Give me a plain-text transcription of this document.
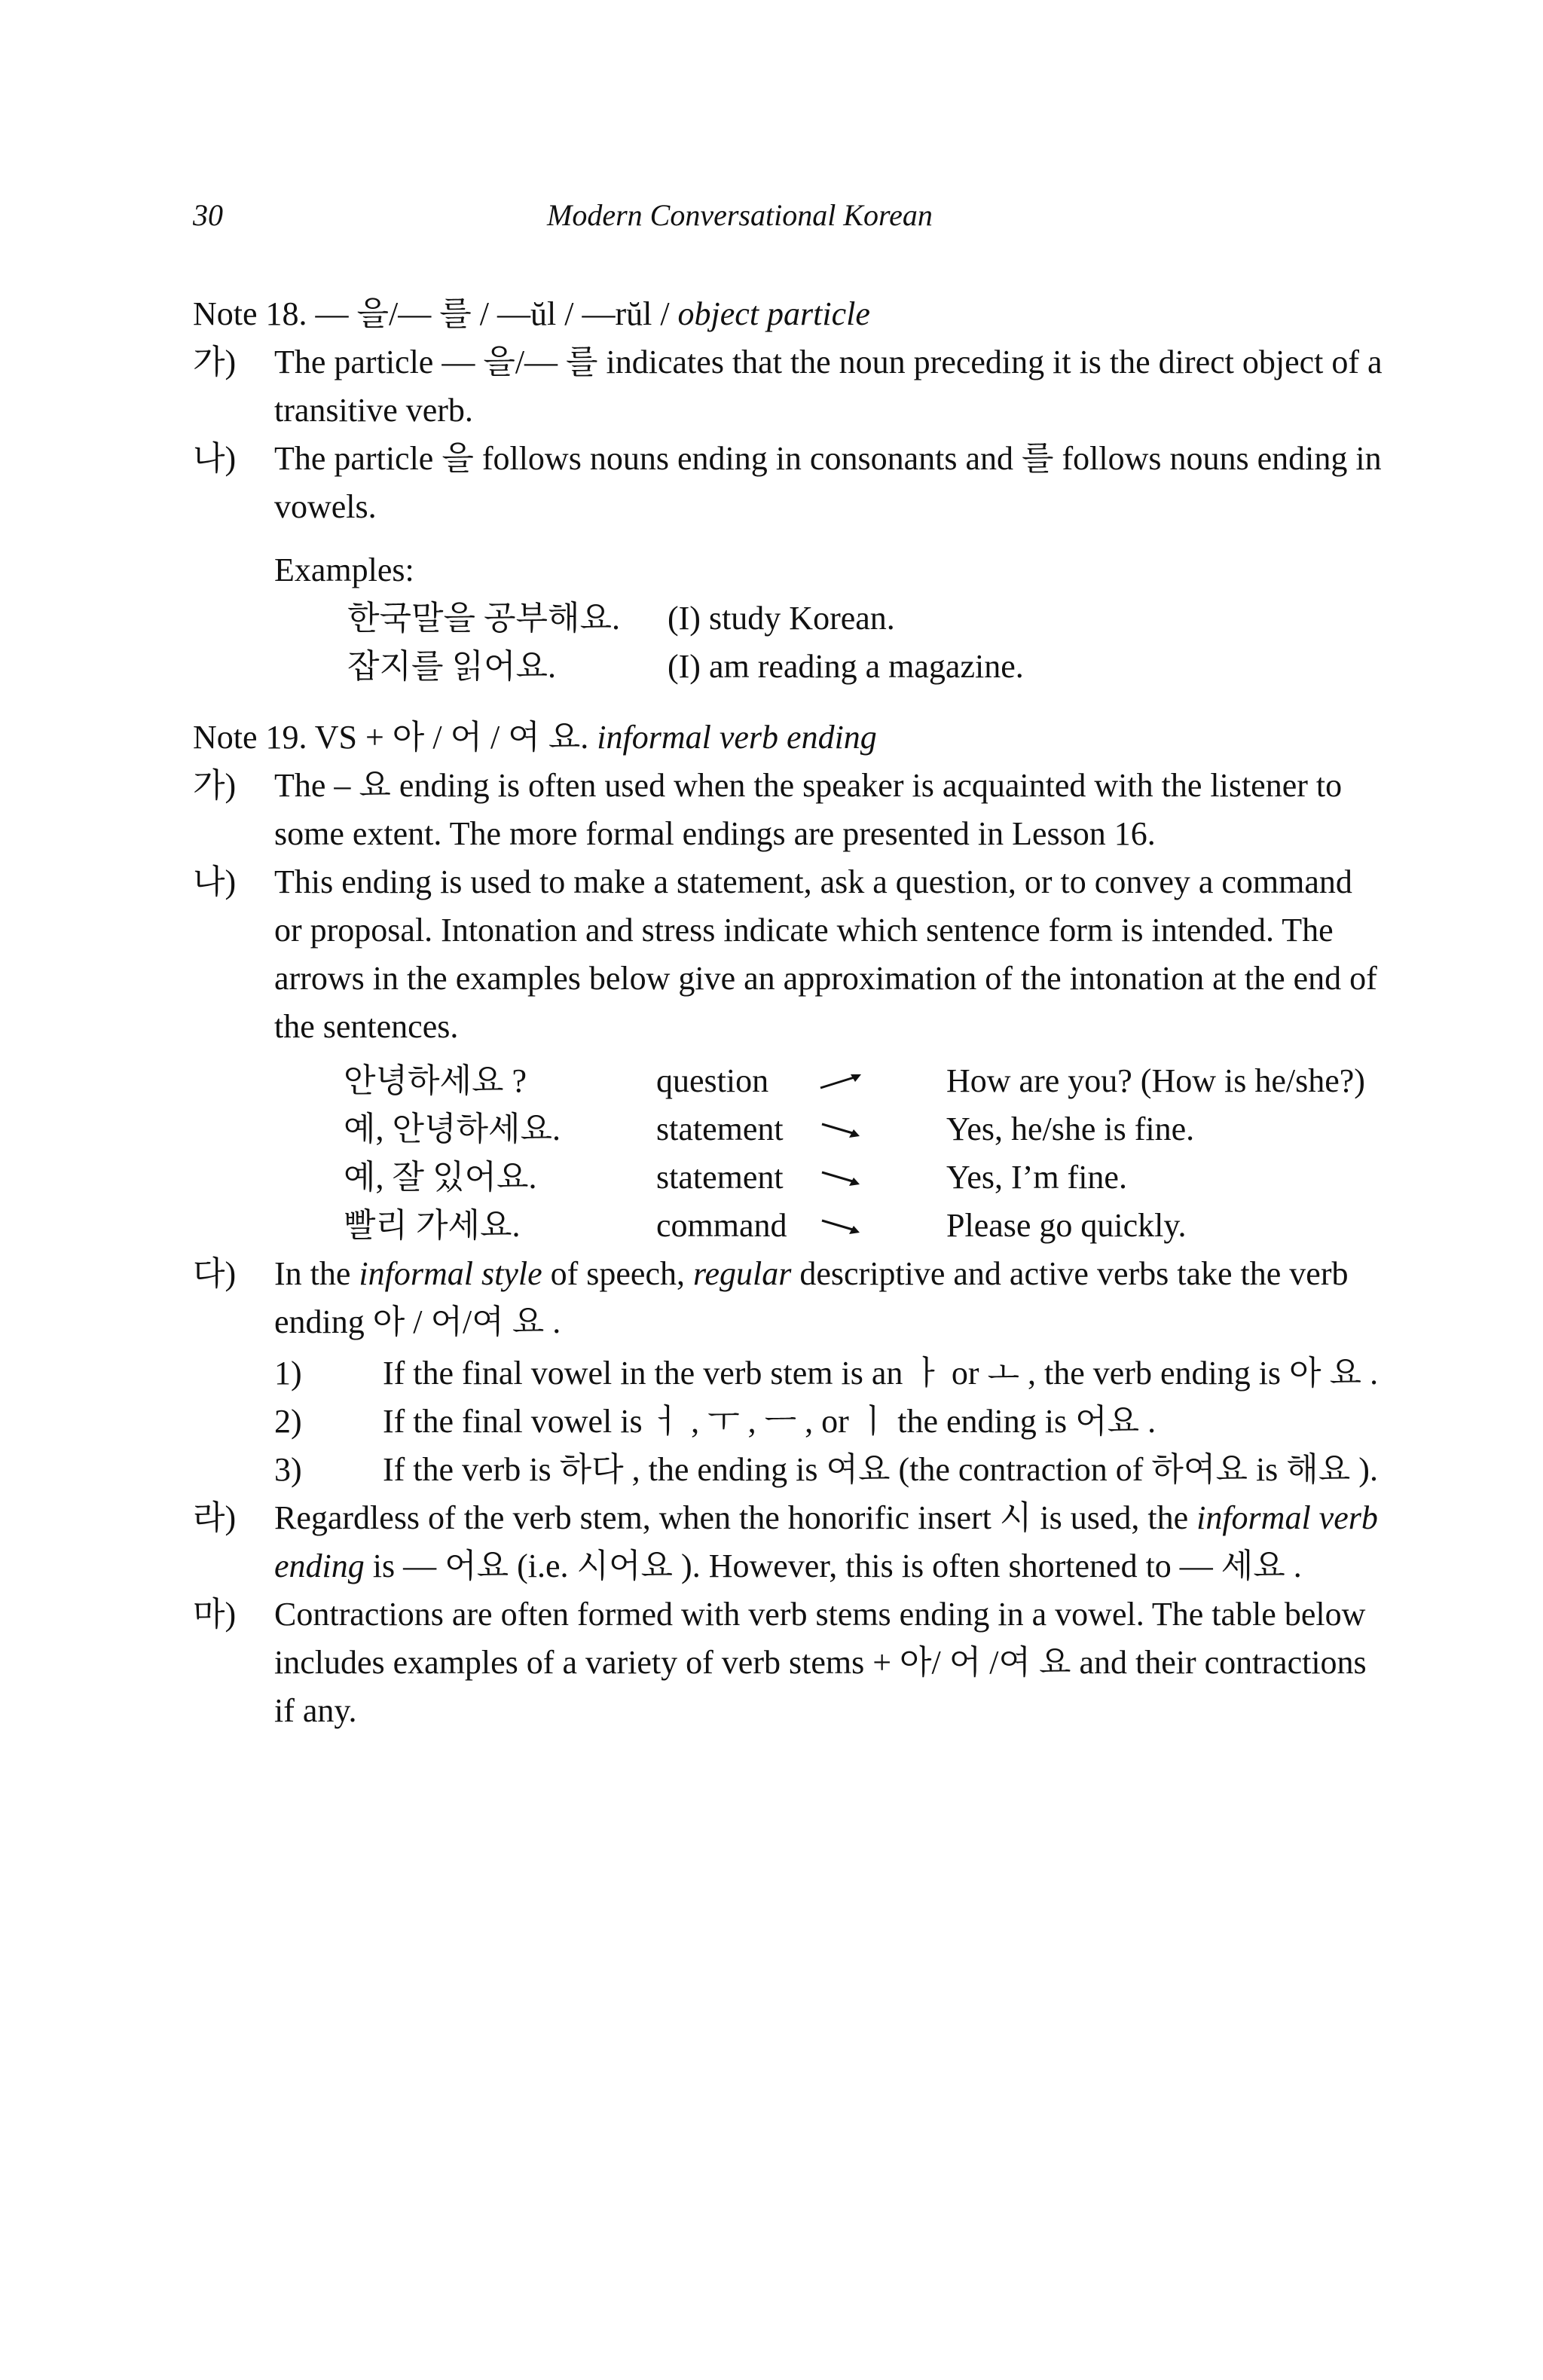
30	Modern Conversational Korean
Note 18. — 을/— 를 / —ŭl / —rŭl / object particle
가)	The particle — 을/— 를 indicates that the noun preceding it is the direct object of a transitive verb.
나)	The particle 을 follows nouns ending in consonants and 를 follows nouns ending in vowels.
Examples:
한국말을 공부해요.	(I) study Korean.
잡지를 읽어요.	(I) am reading a magazine.
Note 19. VS + 아 / 어 / 여 요. informal verb ending
가)	The – 요 ending is often used when the speaker is acquainted with the listener to some extent. The more formal endings are presented in Lesson 16.
나)	This ending is used to make a statement, ask a question, or to convey a command or proposal. Intonation and stress indicate which sentence form is intended. The arrows in the examples below give an approximation of the intonation at the end of the sentences.
안녕하세요 ?	question	How are you? (How is he/she?)
예, 안녕하세요.	statement	Yes, he/she is fine.
예, 잘 있어요.	statement	Yes, I’m fine.
빨리 가세요.	command	Please go quickly.
다)	In the informal style of speech, regular descriptive and active verbs take the verb ending 아 / 어/여 요 .
1)	If the final vowel in the verb stem is an ㅏ or ㅗ , the verb ending is 아 요 .
2)	If the final vowel is ㅓ , ㅜ , ㅡ , or ㅣ the ending is 어요 .
3)	If the verb is 하다 , the ending is 여요 (the contraction of 하여요 is 해요 ).
라)	Regardless of the verb stem, when the honorific insert 시 is used, the informal verb ending is — 어요 (i.e. 시어요 ). However, this is often shortened to — 세요 .
마)	Contractions are often formed with verb stems ending in a vowel. The table below includes examples of a variety of verb stems + 아/ 어 /여 요 and their contractions if any.
